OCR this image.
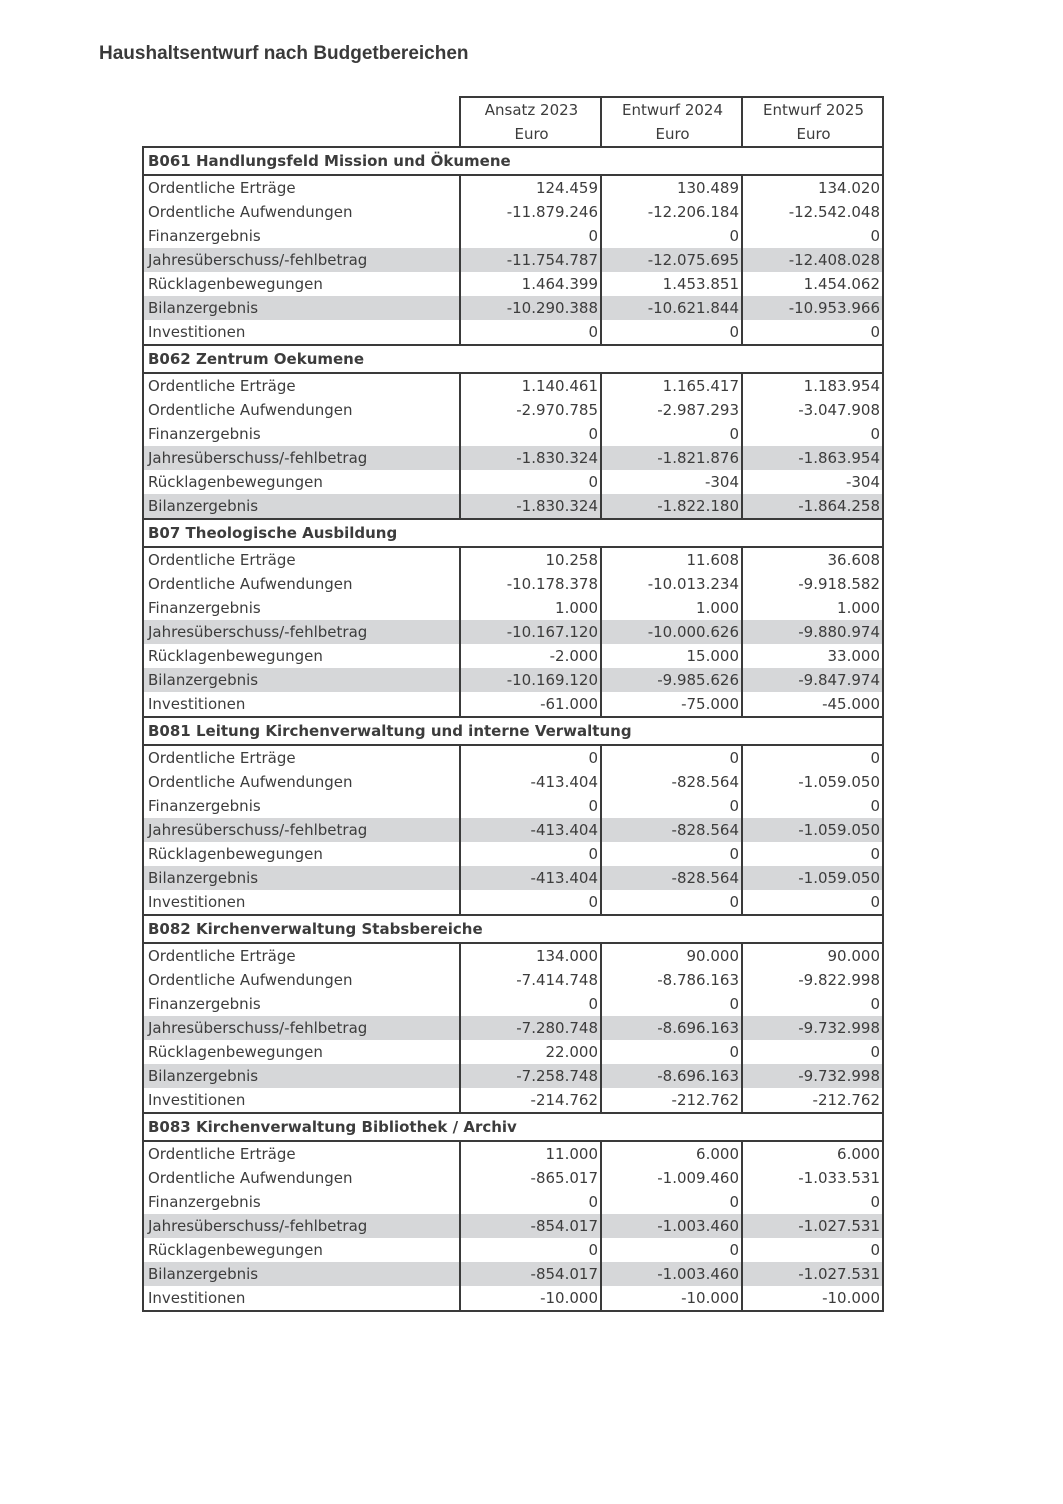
Haushaltsentwurf nach Budgetbereichen
	Ansatz 2023	Entwurf 2024	Entwurf 2025
	Euro	Euro	Euro
B061 Handlungsfeld Mission und Ökumene			
Ordentliche Erträge	124.459	130.489	134.020
Ordentliche Aufwendungen	-11.879.246	-12.206.184	-12.542.048
Finanzergebnis	0	0	0
Jahresüberschuss/-fehlbetrag	-11.754.787	-12.075.695	-12.408.028
Rücklagenbewegungen	1.464.399	1.453.851	1.454.062
Bilanzergebnis	-10.290.388	-10.621.844	-10.953.966
Investitionen	0	0	0
B062 Zentrum Oekumene			
Ordentliche Erträge	1.140.461	1.165.417	1.183.954
Ordentliche Aufwendungen	-2.970.785	-2.987.293	-3.047.908
Finanzergebnis	0	0	0
Jahresüberschuss/-fehlbetrag	-1.830.324	-1.821.876	-1.863.954
Rücklagenbewegungen	0	-304	-304
Bilanzergebnis	-1.830.324	-1.822.180	-1.864.258
B07 Theologische Ausbildung			
Ordentliche Erträge	10.258	11.608	36.608
Ordentliche Aufwendungen	-10.178.378	-10.013.234	-9.918.582
Finanzergebnis	1.000	1.000	1.000
Jahresüberschuss/-fehlbetrag	-10.167.120	-10.000.626	-9.880.974
Rücklagenbewegungen	-2.000	15.000	33.000
Bilanzergebnis	-10.169.120	-9.985.626	-9.847.974
Investitionen	-61.000	-75.000	-45.000
B081 Leitung Kirchenverwaltung und interne Verwaltung			
Ordentliche Erträge	0	0	0
Ordentliche Aufwendungen	-413.404	-828.564	-1.059.050
Finanzergebnis	0	0	0
Jahresüberschuss/-fehlbetrag	-413.404	-828.564	-1.059.050
Rücklagenbewegungen	0	0	0
Bilanzergebnis	-413.404	-828.564	-1.059.050
Investitionen	0	0	0
B082 Kirchenverwaltung Stabsbereiche			
Ordentliche Erträge	134.000	90.000	90.000
Ordentliche Aufwendungen	-7.414.748	-8.786.163	-9.822.998
Finanzergebnis	0	0	0
Jahresüberschuss/-fehlbetrag	-7.280.748	-8.696.163	-9.732.998
Rücklagenbewegungen	22.000	0	0
Bilanzergebnis	-7.258.748	-8.696.163	-9.732.998
Investitionen	-214.762	-212.762	-212.762
B083 Kirchenverwaltung Bibliothek / Archiv			
Ordentliche Erträge	11.000	6.000	6.000
Ordentliche Aufwendungen	-865.017	-1.009.460	-1.033.531
Finanzergebnis	0	0	0
Jahresüberschuss/-fehlbetrag	-854.017	-1.003.460	-1.027.531
Rücklagenbewegungen	0	0	0
Bilanzergebnis	-854.017	-1.003.460	-1.027.531
Investitionen	-10.000	-10.000	-10.000
